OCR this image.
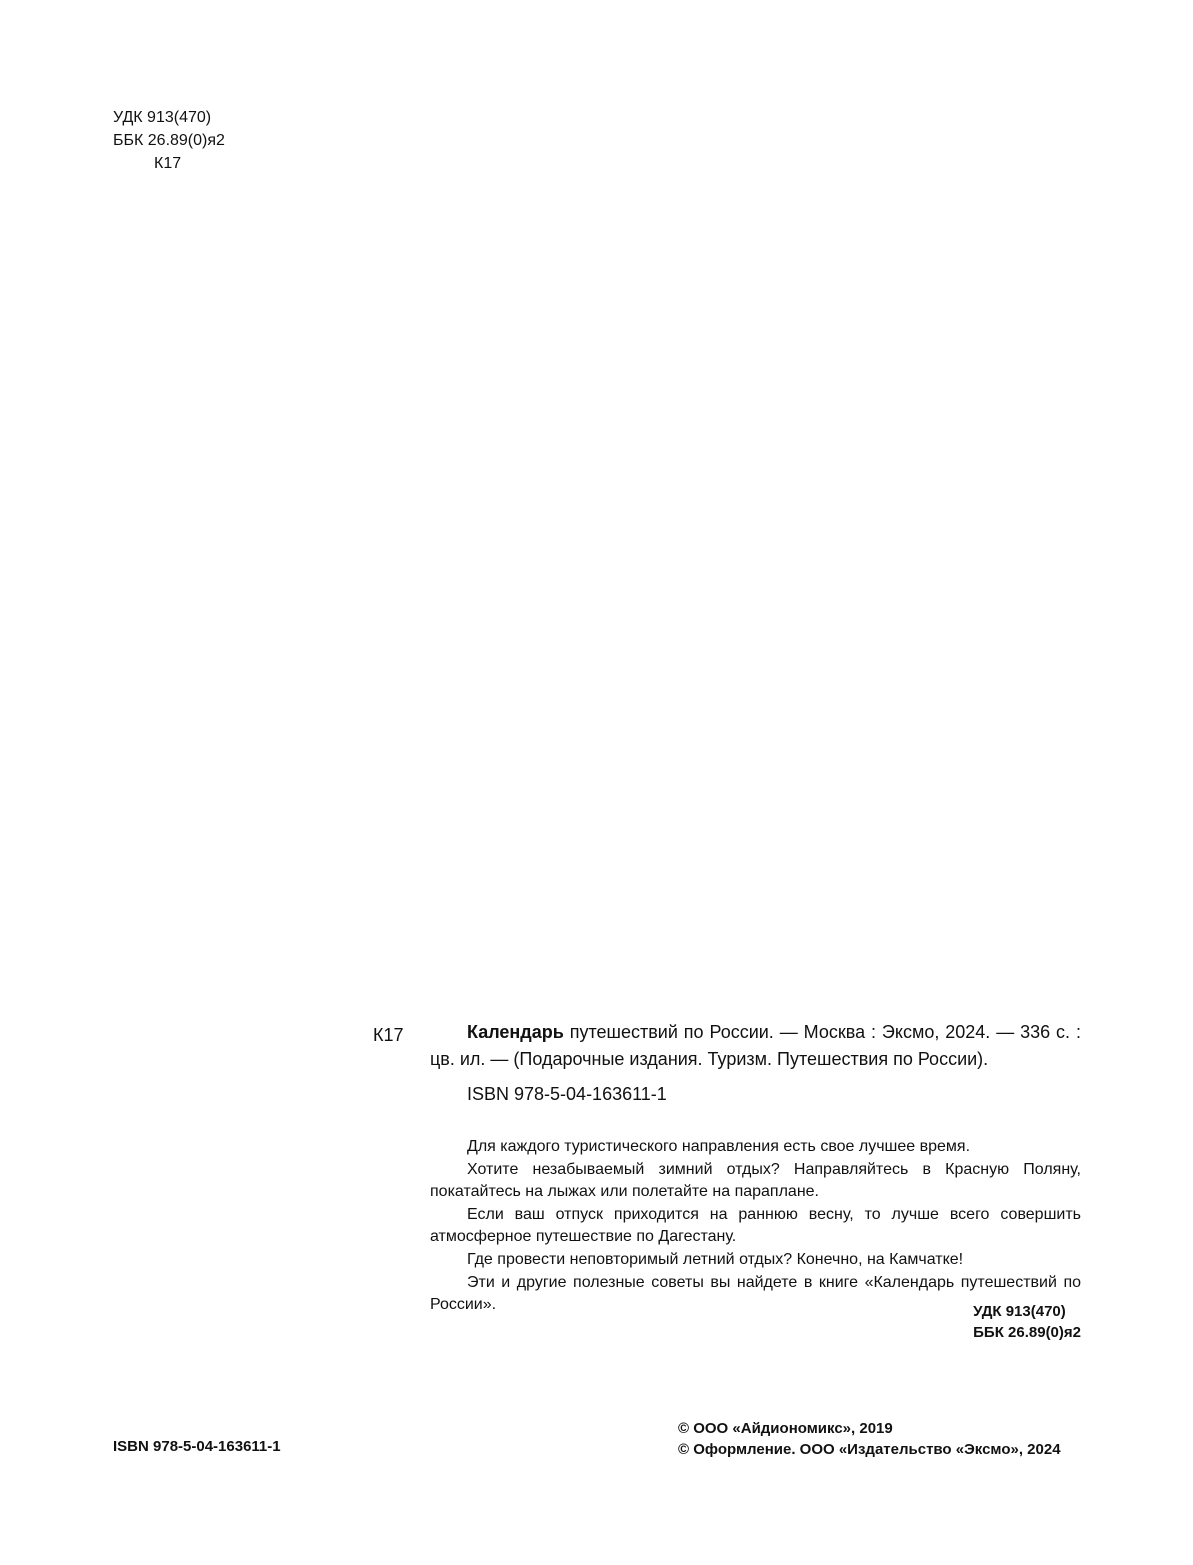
УДК 913(470)
ББК 26.89(0)я2
К17
К17	Календарь путешествий по России. — Москва : Эксмо, 2024. — 336 с. : цв. ил. — (Подарочные издания. Туризм. Путешествия по России).

ISBN 978-5-04-163611-1

Для каждого туристического направления есть свое лучшее время.

Хотите незабываемый зимний отдых? Направляйтесь в Красную Поляну, покатайтесь на лыжах или полетайте на параплане.

Если ваш отпуск приходится на раннюю весну, то лучше всего совершить атмосферное путешествие по Дагестану.

Где провести неповторимый летний отдых? Конечно, на Камчатке!

Эти и другие полезные советы вы найдете в книге «Календарь путешествий по России».	УДК 913(470)
ББК 26.89(0)я2
ISBN 978-5-04-163611-1
© ООО «Айдиономикс», 2019
© Оформление. ООО «Издательство «Эксмо», 2024
